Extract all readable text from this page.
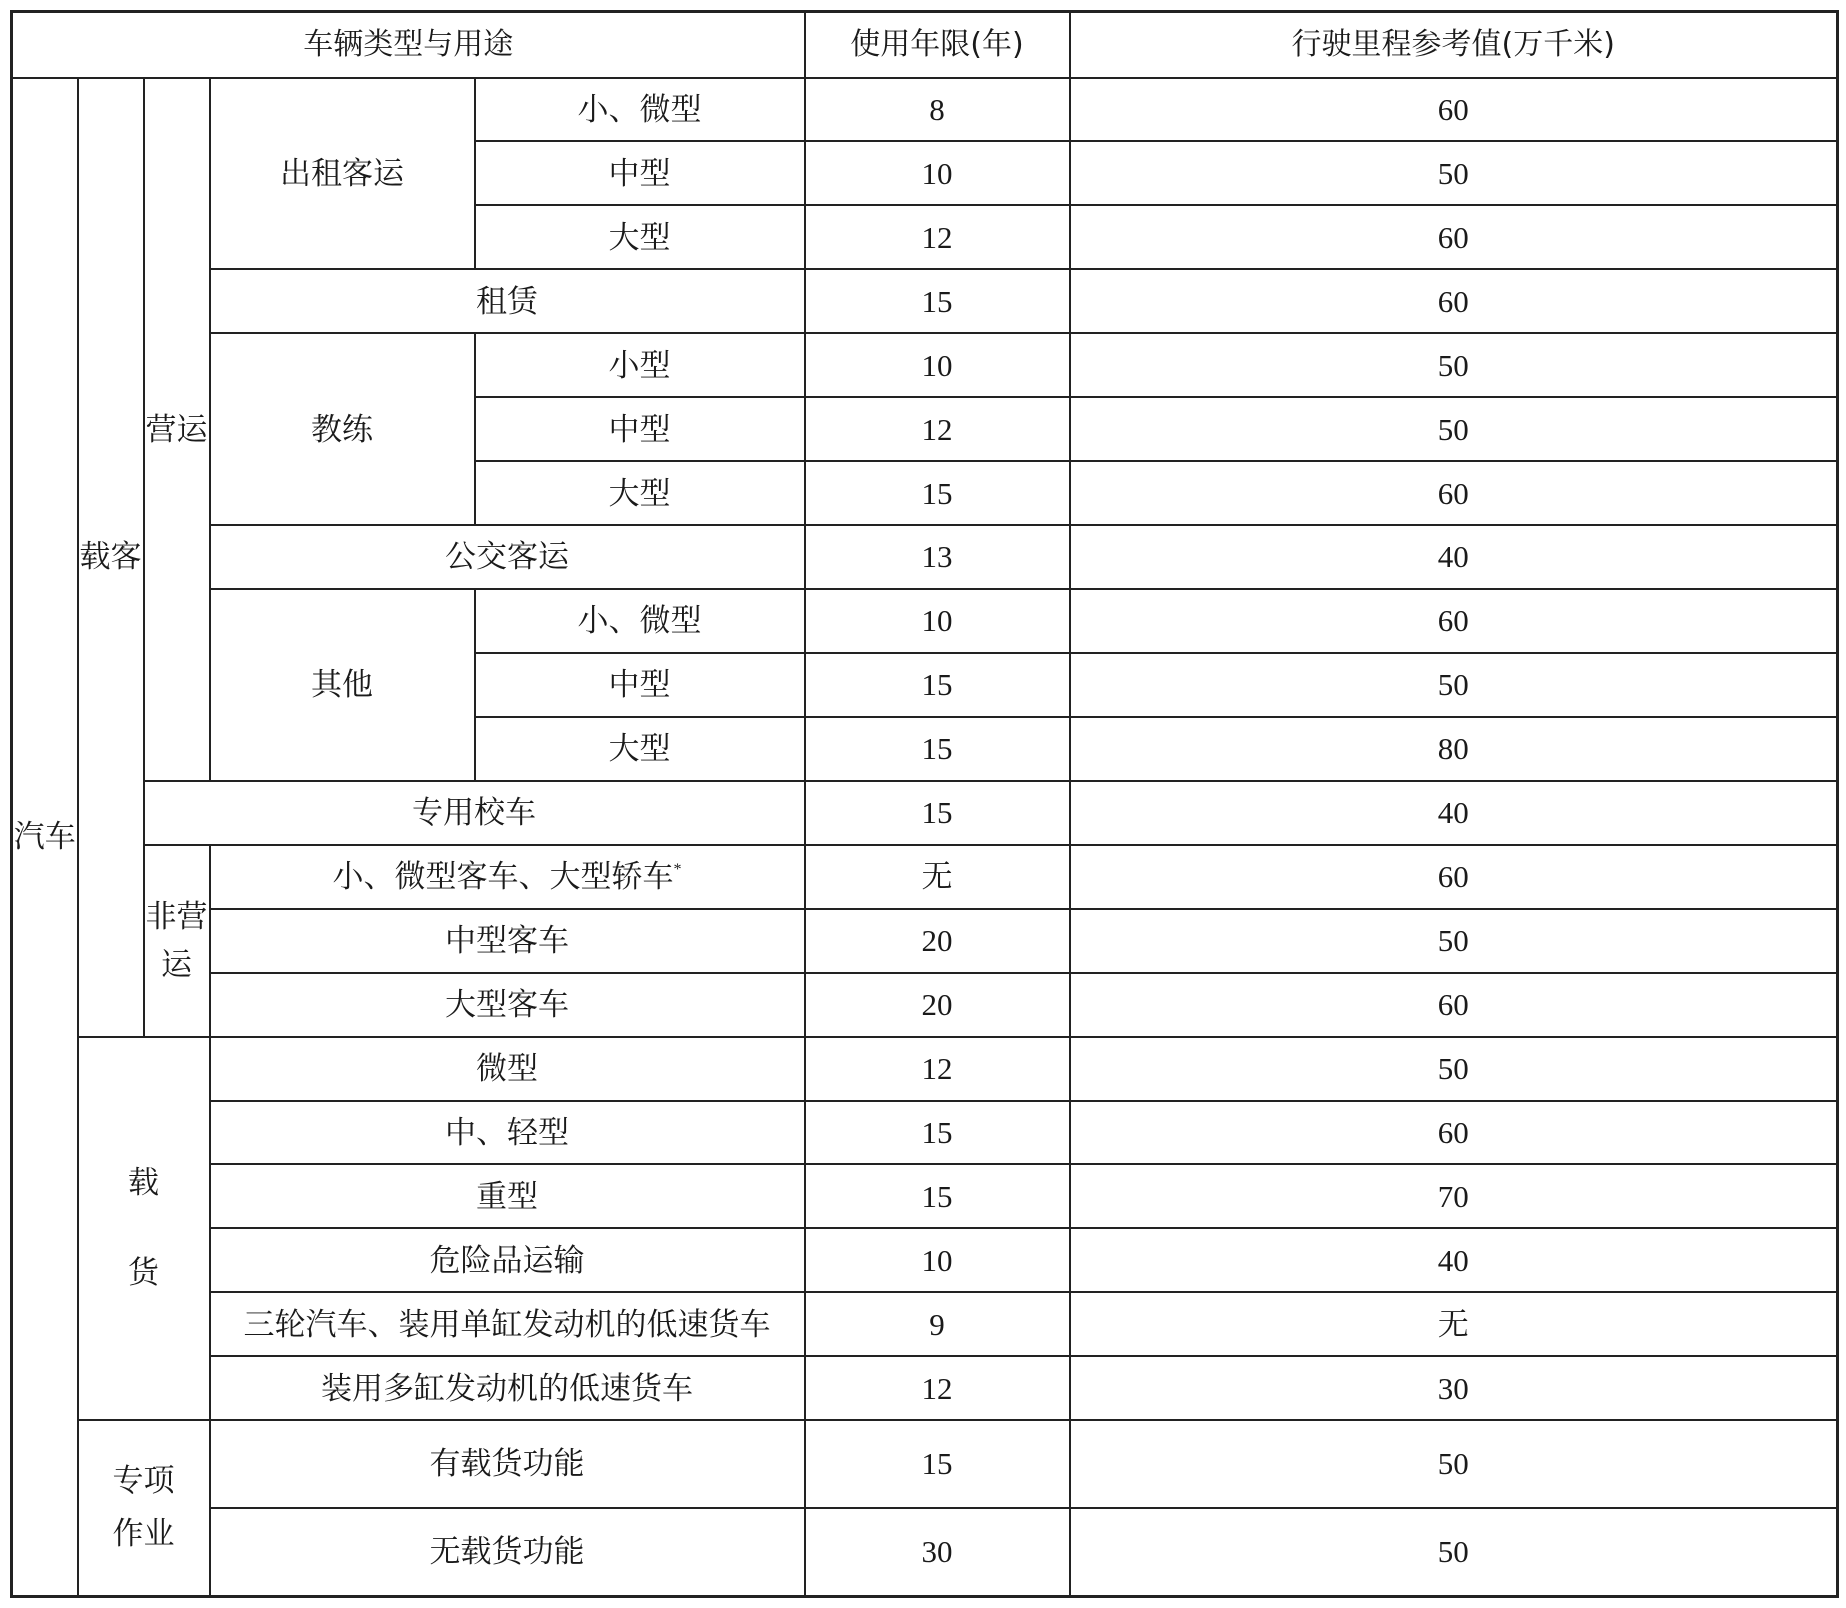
车辆类型与用途					使用年限(年)	行驶里程参考值(万千米)
汽车	载客	营运	出租客运	小、微型	8	60
				中型	10	50
				大型	12	60
			租赁		15	60
			教练	小型	10	50
				中型	12	50
				大型	15	60
			公交客运		13	40
			其他	小、微型	10	60
				中型	15	50
				大型	15	80
		专用校车			15	40
		非营运	小、微型客车、大型轿车*		无	60
			中型客车		20	50
			大型客车		20	60
	载货		微型		12	50
			中、轻型		15	60
			重型		15	70
			危险品运输		10	40
			三轮汽车、装用单缸发动机的低速货车		9	无
			装用多缸发动机的低速货车		12	30
	专项作业		有载货功能		15	50
			无载货功能		30	50
